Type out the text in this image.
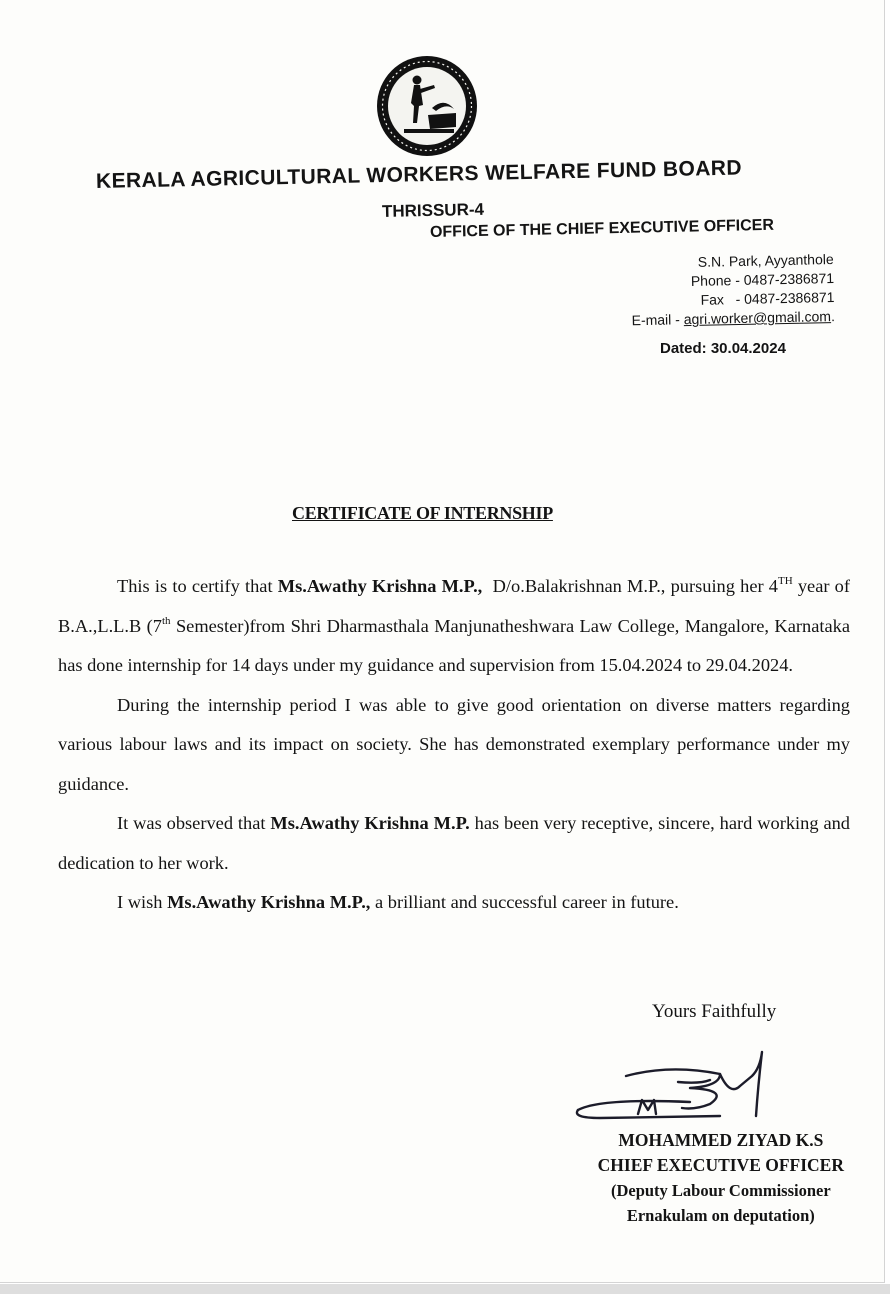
KERALA AGRICULTURAL WORKERS WELFARE FUND BOARD
THRISSUR-4
OFFICE OF THE CHIEF EXECUTIVE OFFICER
S.N. Park, Ayyanthole
Phone - 0487-2386871
Fax   - 0487-2386871
E-mail - agri.worker@gmail.com.
Dated: 30.04.2024
CERTIFICATE OF INTERNSHIP

This is to certify that Ms.Awathy Krishna M.P.,  D/o.Balakrishnan M.P., pursuing her 4TH year of B.A.,L.L.B (7th Semester)from Shri Dharmasthala Manjunatheshwara Law College, Mangalore, Karnataka has done internship for 14 days under my guidance and supervision from 15.04.2024 to 29.04.2024.

During the internship period I was able to give good orientation on diverse matters regarding various labour laws and its impact on society. She has demonstrated exemplary performance under my guidance.

It was observed that Ms.Awathy Krishna M.P. has been very receptive, sincere, hard working and dedication to her work.

I wish Ms.Awathy Krishna M.P., a brilliant and successful career in future.

Yours Faithfully
MOHAMMED ZIYAD K.S
CHIEF EXECUTIVE OFFICER
(Deputy Labour Commissioner
Ernakulam on deputation)
